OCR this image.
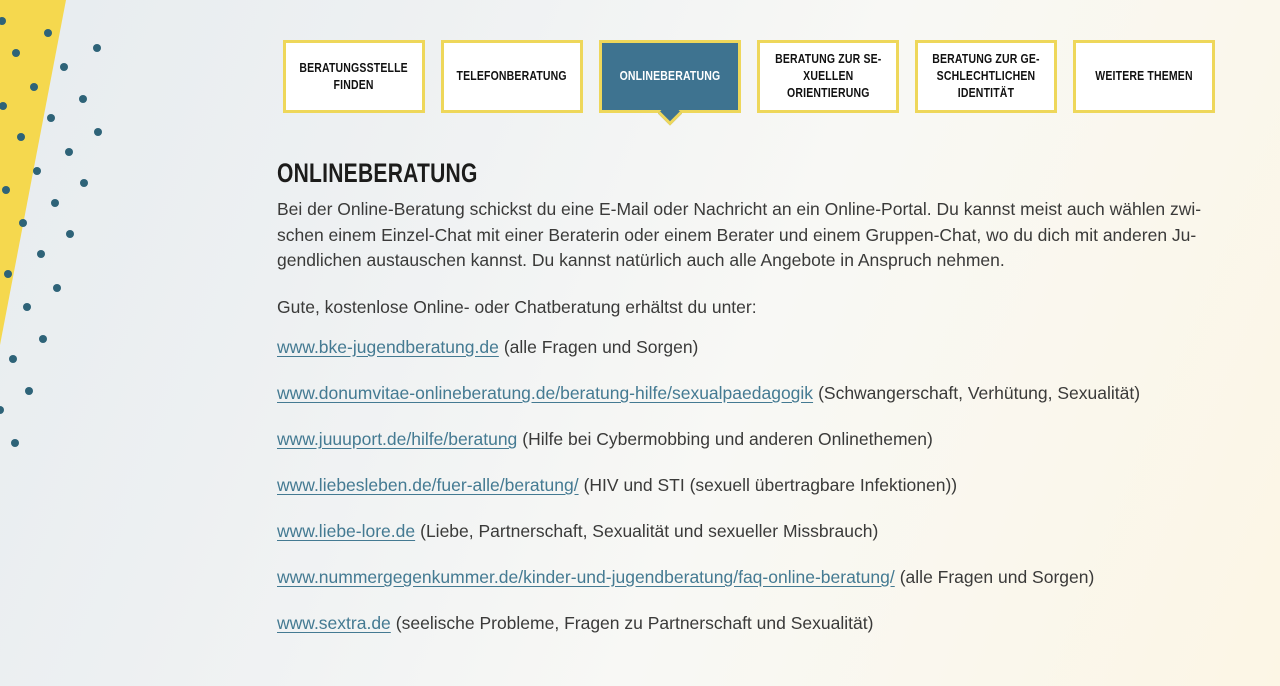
BERATUNGSSTELLE
FINDEN
TELEFONBERATUNG	ONLINEBERATUNG
BERATUNG ZUR SE-
XUELLEN
ORIENTIERUNG
BERATUNG ZUR GE-
SCHLECHTLICHEN
IDENTITÄT
WEITERE THEMEN
ONLINEBERATUNG
Bei der Online-Beratung schickst du eine E-Mail oder Nachricht an ein Online-Portal. Du kannst meist auch wählen zwi-
schen einem Einzel-Chat mit einer Beraterin oder einem Berater und einem Gruppen-Chat, wo du dich mit anderen Ju-
gendlichen austauschen kannst. Du kannst natürlich auch alle Angebote in Anspruch nehmen.

Gute, kostenlose Online- oder Chatberatung erhältst du unter:

www.bke-jugendberatung.de (alle Fragen und Sorgen)

www.donumvitae-onlineberatung.de/beratung-hilfe/sexualpaedagogik (Schwangerschaft, Verhütung, Sexualität)

www.juuuport.de/hilfe/beratung (Hilfe bei Cybermobbing und anderen Onlinethemen)

www.liebesleben.de/fuer-alle/beratung/ (HIV und STI (sexuell übertragbare Infektionen))

www.liebe-lore.de (Liebe, Partnerschaft, Sexualität und sexueller Missbrauch)

www.nummergegenkummer.de/kinder-und-jugendberatung/faq-online-beratung/ (alle Fragen und Sorgen)

www.sextra.de (seelische Probleme, Fragen zu Partnerschaft und Sexualität)
